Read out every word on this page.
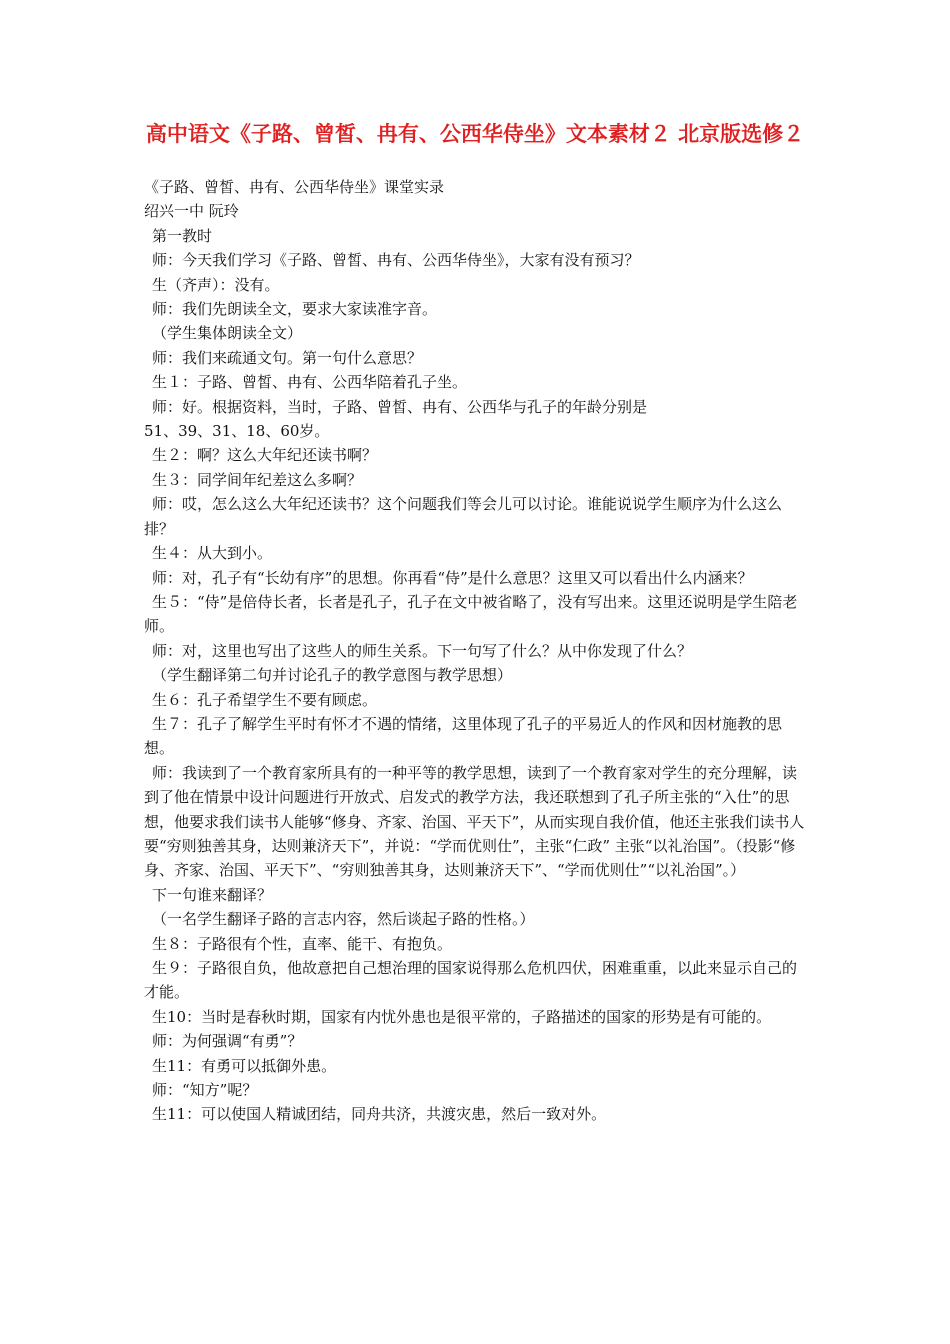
高中语文《子路、曾皙、冉有、公西华侍坐》文本素材２ 北京版选修２

《子路、曾皙、冉有、公西华侍坐》课堂实录

绍兴一中 阮玲

第一教时

师：今天我们学习《子路、曾皙、冉有、公西华侍坐》，大家有没有预习？

生（齐声）：没有。

师：我们先朗读全文，要求大家读准字音。

（学生集体朗读全文）

师：我们来疏通文句。第一句什么意思？

生１：子路、曾皙、冉有、公西华陪着孔子坐。

师：好。根据资料，当时，子路、曾皙、冉有、公西华与孔子的年龄分别是

51、39、31、18、60岁。

生２：啊？这么大年纪还读书啊？

生３：同学间年纪差这么多啊？

师：哎，怎么这么大年纪还读书？这个问题我们等会儿可以讨论。谁能说说学生顺序为什么这么排？

生４：从大到小。

师：对，孔子有“长幼有序”的思想。你再看“侍”是什么意思？这里又可以看出什么内涵来？

生５：“侍”是倍侍长者，长者是孔子，孔子在文中被省略了，没有写出来。这里还说明是学生陪老师。

师：对，这里也写出了这些人的师生关系。下一句写了什么？从中你发现了什么？

（学生翻译第二句并讨论孔子的教学意图与教学思想）

生６：孔子希望学生不要有顾虑。

生７：孔子了解学生平时有怀才不遇的情绪，这里体现了孔子的平易近人的作风和因材施教的思想。

师：我读到了一个教育家所具有的一种平等的教学思想，读到了一个教育家对学生的充分理解，读到了他在情景中设计问题进行开放式、启发式的教学方法，我还联想到了孔子所主张的“入仕”的思想，他要求我们读书人能够“修身、齐家、治国、平天下”，从而实现自我价值，他还主张我们读书人要“穷则独善其身，达则兼济天下”，并说：“学而优则仕”，主张“仁政” 主张“以礼治国”。（投影“修身、齐家、治国、平天下”、“穷则独善其身，达则兼济天下”、“学而优则仕”“以礼治国”。）

下一句谁来翻译？

（一名学生翻译子路的言志内容，然后谈起子路的性格。）

生８：子路很有个性，直率、能干、有抱负。

生９：子路很自负，他故意把自己想治理的国家说得那么危机四伏，困难重重，以此来显示自己的才能。

生10：当时是春秋时期，国家有内忧外患也是很平常的，子路描述的国家的形势是有可能的。

师：为何强调“有勇”？

生11：有勇可以抵御外患。

师：“知方”呢？

生11：可以使国人精诚团结，同舟共济，共渡灾患，然后一致对外。
